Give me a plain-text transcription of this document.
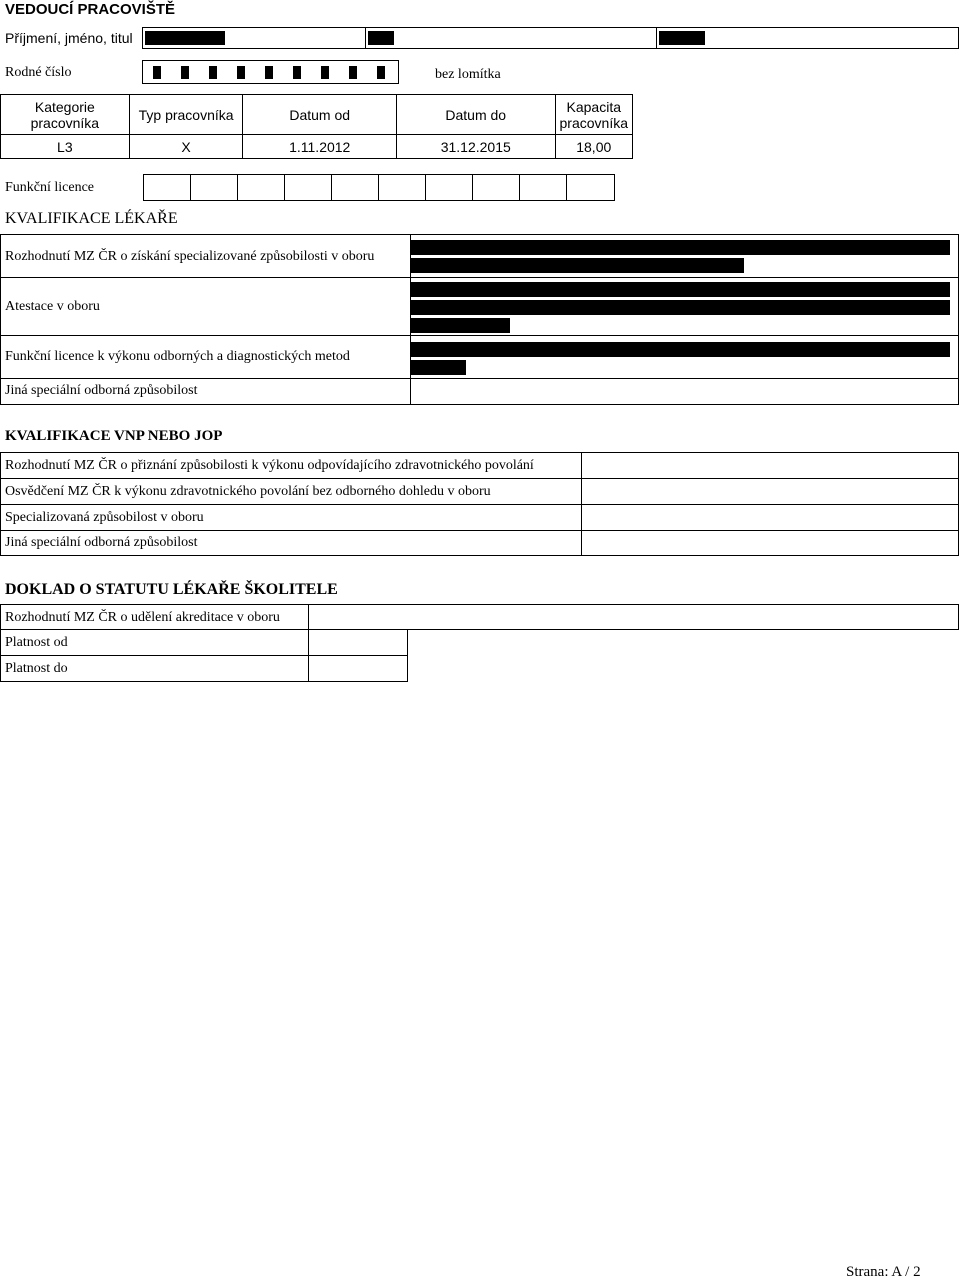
VEDOUCÍ PRACOVIŠTĚ
Příjmení, jméno, titul
Rodné číslo	bez lomítka
Kategorie pracovníka	Typ pracovníka	Datum od	Datum do	Kapacita pracovníka
L3	X	1.11.2012	31.12.2015	18,00
Funkční licence
KVALIFIKACE LÉKAŘE
Rozhodnutí MZ ČR o získání specializované způsobilosti v oboru
Atestace v oboru
Funkční licence k výkonu odborných a diagnostických metod
Jiná speciální odborná způsobilost
KVALIFIKACE VNP NEBO JOP
Rozhodnutí MZ ČR o přiznání způsobilosti k výkonu odpovídajícího zdravotnického povolání
Osvědčení MZ ČR k výkonu zdravotnického povolání bez odborného dohledu v oboru
Specializovaná způsobilost v oboru
Jiná speciální odborná způsobilost
DOKLAD O STATUTU LÉKAŘE ŠKOLITELE
Rozhodnutí MZ ČR o udělení akreditace v oboru
Platnost od
Platnost do
Strana: A / 2
